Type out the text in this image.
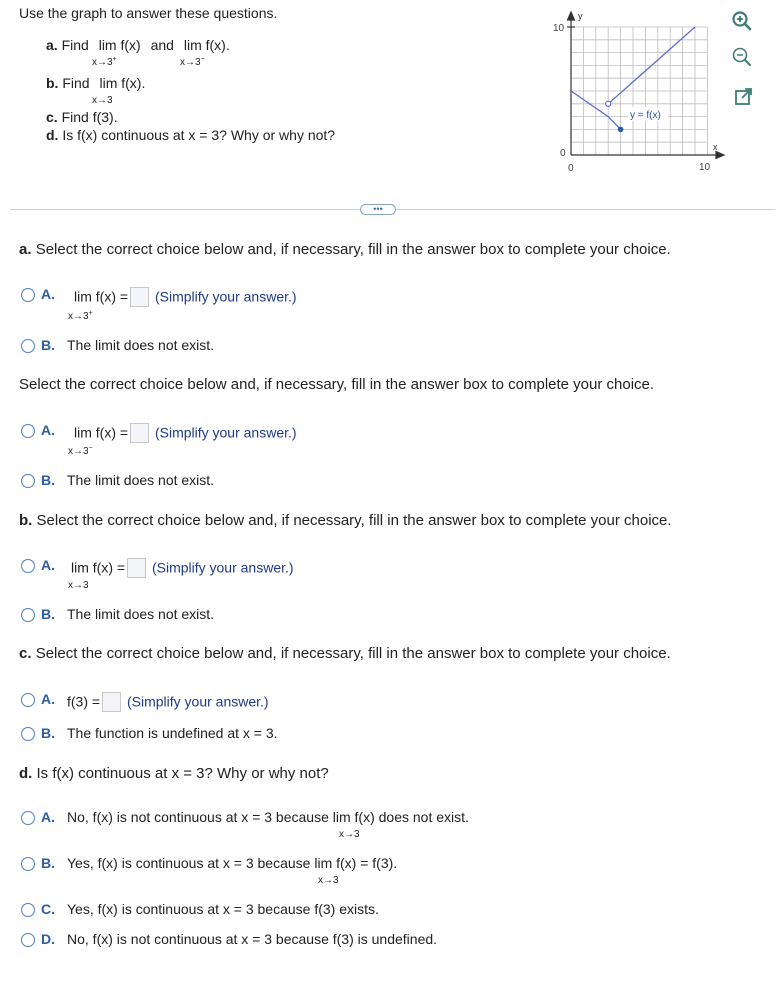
Use the graph to answer these questions.
a. Find lim f(x) and lim f(x).
x→3+	x→3−
b. Find lim f(x).
x→3
c. Find f(3).
d. Is f(x) continuous at x = 3? Why or why not?
y
x
10
0
0	10
y = f(x)
•••
a. Select the correct choice below and, if necessary, fill in the answer box to complete your choice.
A. lim f(x) = (Simplify your answer.)
x→3+
B. The limit does not exist.
Select the correct choice below and, if necessary, fill in the answer box to complete your choice.
A. lim f(x) = (Simplify your answer.)
x→3−
B. The limit does not exist.
b. Select the correct choice below and, if necessary, fill in the answer box to complete your choice.
A. lim f(x) = (Simplify your answer.)
x→3
B. The limit does not exist.
c. Select the correct choice below and, if necessary, fill in the answer box to complete your choice.
A. f(3) = (Simplify your answer.)
B. The function is undefined at x = 3.
d. Is f(x) continuous at x = 3? Why or why not?
A. No, f(x) is not continuous at x = 3 because lim f(x) does not exist.
x→3
B. Yes, f(x) is continuous at x = 3 because lim f(x) = f(3).
x→3
C. Yes, f(x) is continuous at x = 3 because f(3) exists.
D. No, f(x) is not continuous at x = 3 because f(3) is undefined.
